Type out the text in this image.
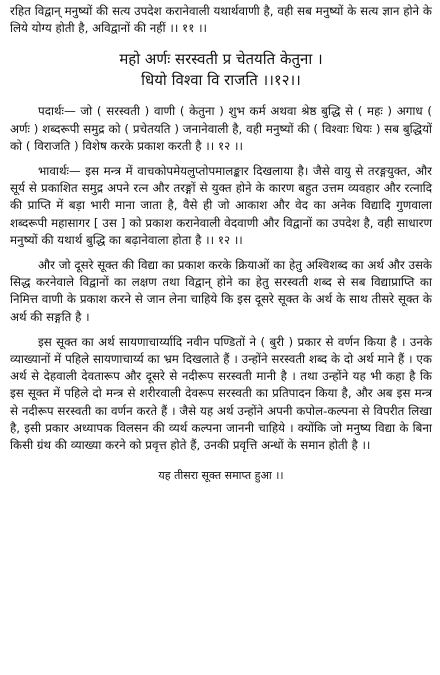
रहित विद्वान् मनुष्यों की सत्य उपदेश करानेवाली यथार्थवाणी है, वही सब मनुष्यों के सत्य ज्ञान होने के लिये योग्य होती है, अविद्वानों की नहीं ।। ११ ।।

महो अर्णः सरस्वती प्र चेतयति केतुना ।
धियो विश्वा वि राजति ।।१२।।

पदार्थः— जो ( सरस्वती ) वाणी ( केतुना ) शुभ कर्म अथवा श्रेष्ठ बुद्धि से ( महः ) अगाध ( अर्णः ) शब्दरूपी समुद्र को ( प्रचेतयति ) जनानेवाली है, वही मनुष्यों की ( विश्वाः धियः ) सब बुद्धियों को ( विराजति ) विशेष करके प्रकाश करती है ।। १२ ।।

भावार्थः— इस मन्त्र में वाचकोपमेयलुप्तोपमालङ्कार दिखलाया है। जैसे वायु से तरङ्गयुक्त, और सूर्य से प्रकाशित समुद्र अपने रत्न और तरङ्गों से युक्त होने के कारण बहुत उत्तम व्यवहार और रत्नादि की प्राप्ति में बड़ा भारी माना जाता है, वैसे ही जो आकाश और वेद का अनेक विद्यादि गुणवाला शब्दरूपी महासागर [ उस ] को प्रकाश करानेवाली वेदवाणी और विद्वानों का उपदेश है, वही साधारण मनुष्यों की यथार्थ बुद्धि का बढ़ानेवाला होता है ।। १२ ।।

और जो दूसरे सूक्त की विद्या का प्रकाश करके क्रियाओं का हेतु अश्विशब्द का अर्थ और उसके सिद्ध करनेवाले विद्वानों का लक्षण तथा विद्वान् होने का हेतु सरस्वती शब्द से सब विद्याप्राप्ति का निमित्त वाणी के प्रकाश करने से जान लेना चाहिये कि इस दूसरे सूक्त के अर्थ के साथ तीसरे सूक्त के अर्थ की सङ्गति है ।

इस सूक्त का अर्थ सायणाचार्य्यादि नवीन पण्डितों ने ( बुरी ) प्रकार से वर्णन किया है । उनके व्याख्यानों में पहिले सायणाचार्य्य का भ्रम दिखलाते हैं । उन्होंने सरस्वती शब्द के दो अर्थ माने हैं । एक अर्थ से देहवाली देवतारूप और दूसरे से नदीरूप सरस्वती मानी है । तथा उन्होंने यह भी कहा है कि इस सूक्त में पहिले दो मन्त्र से शरीरवाली देवरूप सरस्वती का प्रतिपादन किया है, और अब इस मन्त्र से नदीरूप सरस्वती का वर्णन करते हैं । जैसे यह अर्थ उन्होंने अपनी कपोल-कल्पना से विपरीत लिखा है, इसी प्रकार अध्यापक विलसन की व्यर्थ कल्पना जाननी चाहिये । क्योंकि जो मनुष्य विद्या के बिना किसी ग्रंथ की व्याख्या करने को प्रवृत्त होते हैं, उनकी प्रवृत्ति अन्धों के समान होती है ।।

यह तीसरा सूक्त समाप्त हुआ ।।
